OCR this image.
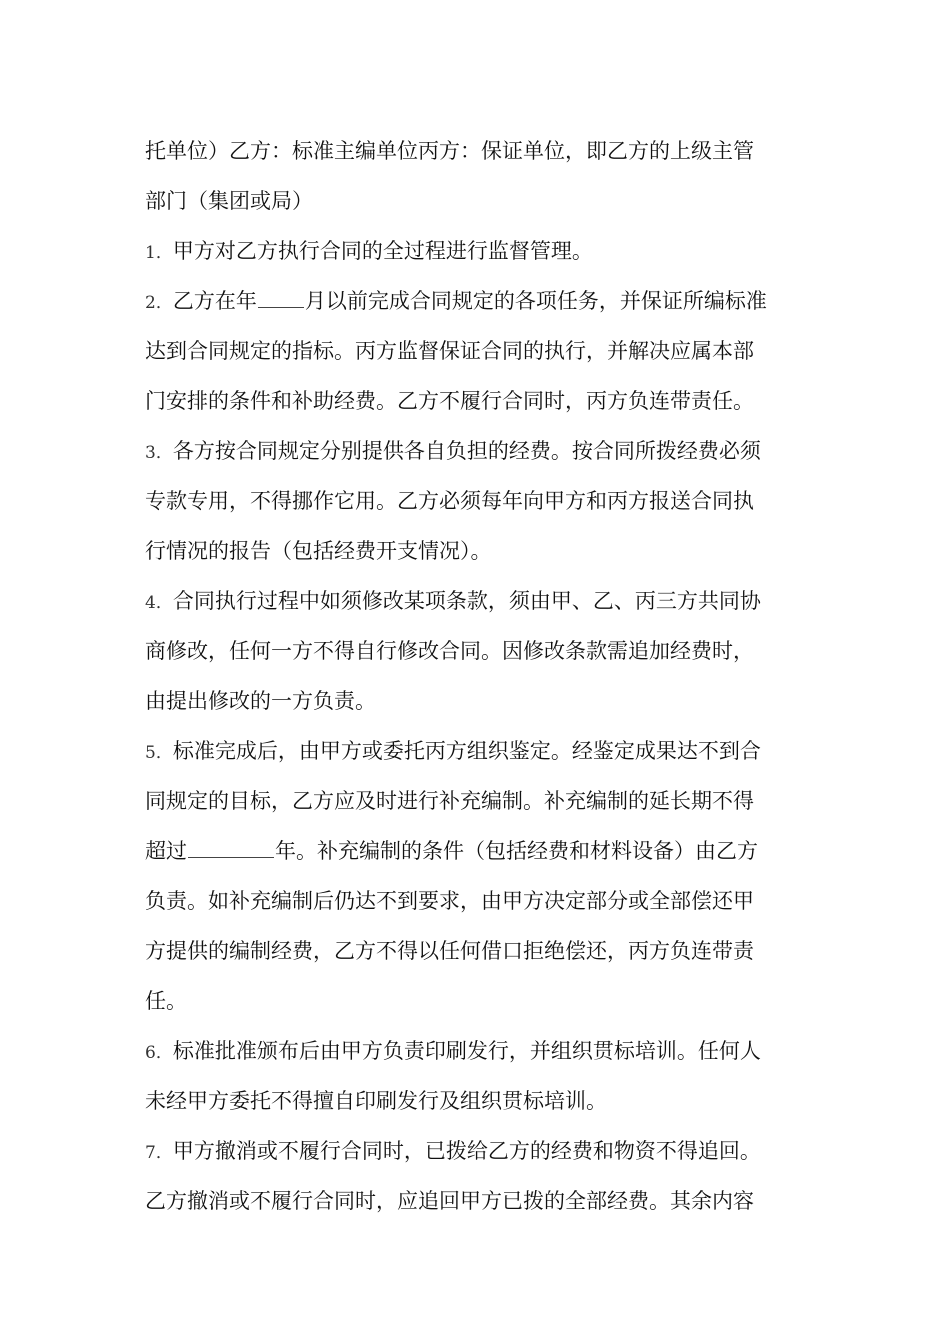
托单位）乙方：标准主编单位丙方：保证单位，即乙方的上级主管
部门（集团或局）
1．甲方对乙方执行合同的全过程进行监督管理。
2．乙方在年 月以前完成合同规定的各项任务，并保证所编标准
达到合同规定的指标。丙方监督保证合同的执行，并解决应属本部
门安排的条件和补助经费。乙方不履行合同时，丙方负连带责任。
3．各方按合同规定分别提供各自负担的经费。按合同所拨经费必须
专款专用，不得挪作它用。乙方必须每年向甲方和丙方报送合同执
行情况的报告（包括经费开支情况）。
4．合同执行过程中如须修改某项条款，须由甲、乙、丙三方共同协
商修改，任何一方不得自行修改合同。因修改条款需追加经费时，
由提出修改的一方负责。
5．标准完成后，由甲方或委托丙方组织鉴定。经鉴定成果达不到合
同规定的目标，乙方应及时进行补充编制。补充编制的延长期不得
超过	年。补充编制的条件（包括经费和材料设备）由乙方
负责。如补充编制后仍达不到要求，由甲方决定部分或全部偿还甲
方提供的编制经费，乙方不得以任何借口拒绝偿还，丙方负连带责
任。
6．标准批准颁布后由甲方负责印刷发行，并组织贯标培训。任何人
未经甲方委托不得擅自印刷发行及组织贯标培训。
7．甲方撤消或不履行合同时，已拨给乙方的经费和物资不得追回。
乙方撤消或不履行合同时，应追回甲方已拨的全部经费。其余内容
